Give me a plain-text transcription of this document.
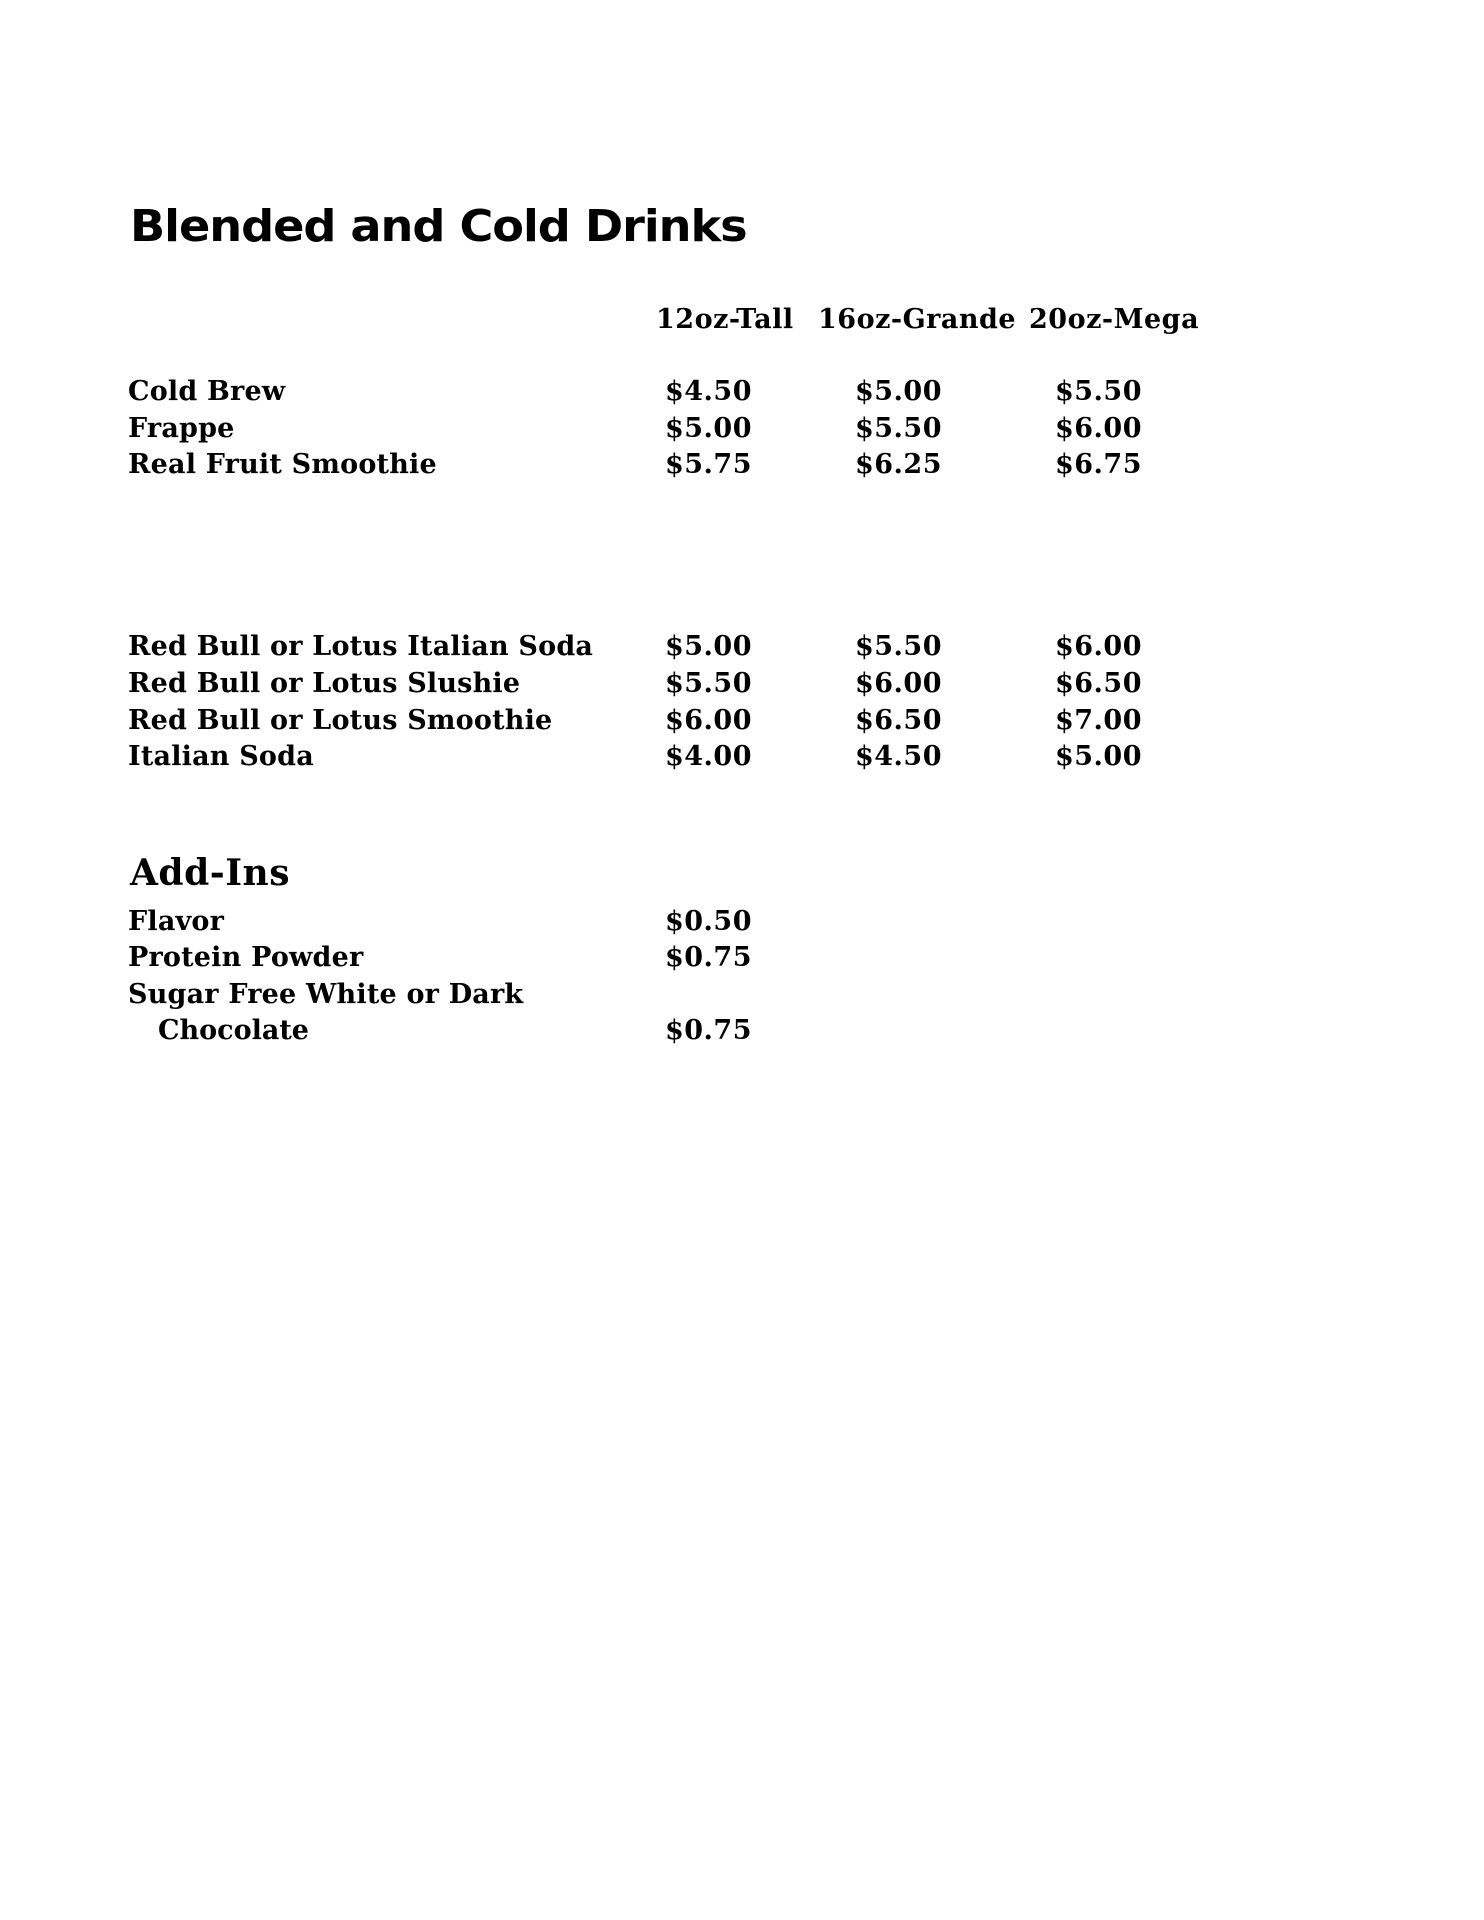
Blended and Cold Drinks
12oz-Tall 16oz-Grande 20oz-Mega
Cold Brew	$4.50	$5.00	$5.50
Frappe	$5.00	$5.50	$6.00
Real Fruit Smoothie	$5.75	$6.25	$6.75
Red Bull or Lotus Italian Soda	$5.00	$5.50	$6.00
Red Bull or Lotus Slushie	$5.50	$6.00	$6.50
Red Bull or Lotus Smoothie	$6.00	$6.50	$7.00
Italian Soda	$4.00	$4.50	$5.00
Add-Ins
Flavor	$0.50
Protein Powder	$0.75
Sugar Free White or Dark
Chocolate	$0.75
